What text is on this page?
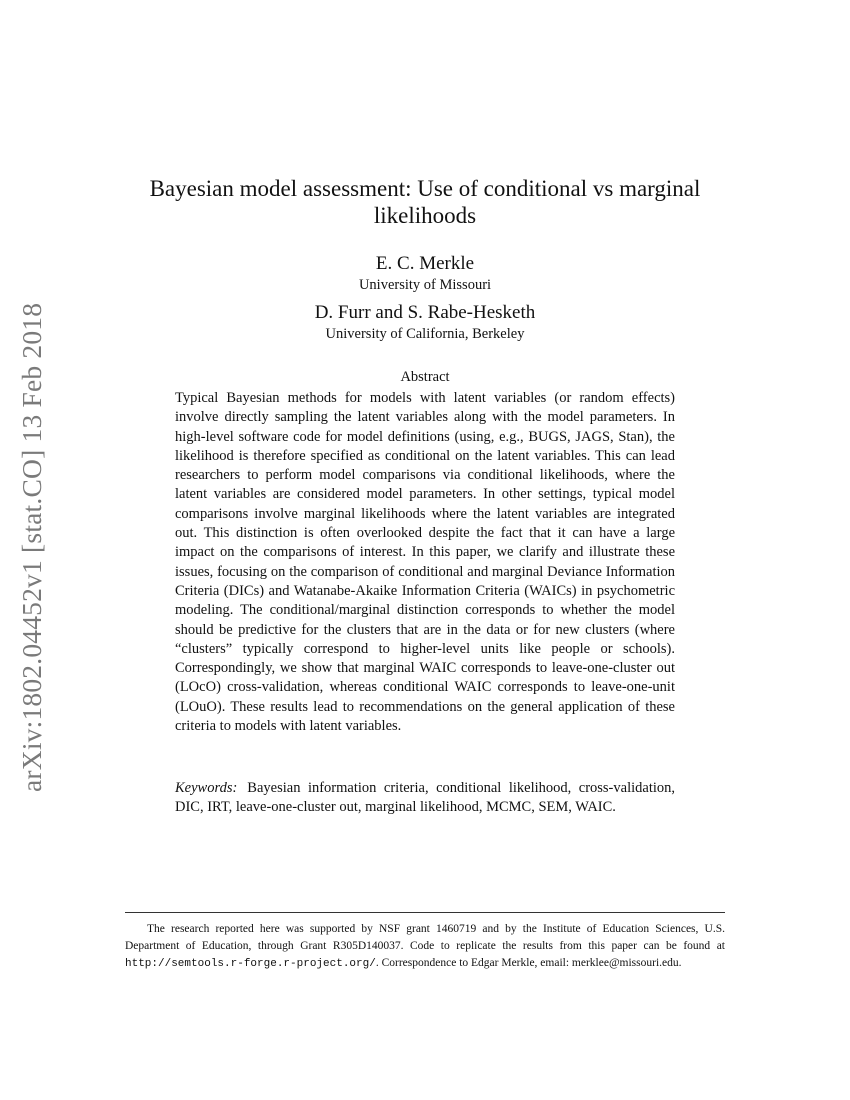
arXiv:1802.04452v1 [stat.CO] 13 Feb 2018
Bayesian model assessment: Use of conditional vs marginal likelihoods
E. C. Merkle
University of Missouri
D. Furr and S. Rabe-Hesketh
University of California, Berkeley
Abstract

Typical Bayesian methods for models with latent variables (or random effects) involve directly sampling the latent variables along with the model parameters. In high-level software code for model definitions (using, e.g., BUGS, JAGS, Stan), the likelihood is therefore specified as conditional on the latent variables. This can lead researchers to perform model comparisons via conditional likelihoods, where the latent variables are considered model parameters. In other settings, typical model comparisons involve marginal likelihoods where the latent variables are integrated out. This distinction is often overlooked despite the fact that it can have a large impact on the comparisons of interest. In this paper, we clarify and illustrate these issues, focusing on the comparison of conditional and marginal Deviance Information Criteria (DICs) and Watanabe-Akaike Information Criteria (WAICs) in psychometric modeling. The conditional/marginal distinction corresponds to whether the model should be predictive for the clusters that are in the data or for new clusters (where “clusters” typically correspond to higher-level units like people or schools). Correspondingly, we show that marginal WAIC corresponds to leave-one-cluster out (LOcO) cross-validation, whereas conditional WAIC corresponds to leave-one-unit (LOuO). These results lead to recommendations on the general application of these criteria to models with latent variables.

Keywords: Bayesian information criteria, conditional likelihood, cross-validation, DIC, IRT, leave-one-cluster out, marginal likelihood, MCMC, SEM, WAIC.

The research reported here was supported by NSF grant 1460719 and by the Institute of Education Sciences, U.S. Department of Education, through Grant R305D140037. Code to replicate the results from this paper can be found at http://semtools.r-forge.r-project.org/. Correspondence to Edgar Merkle, email: merklee@missouri.edu.
